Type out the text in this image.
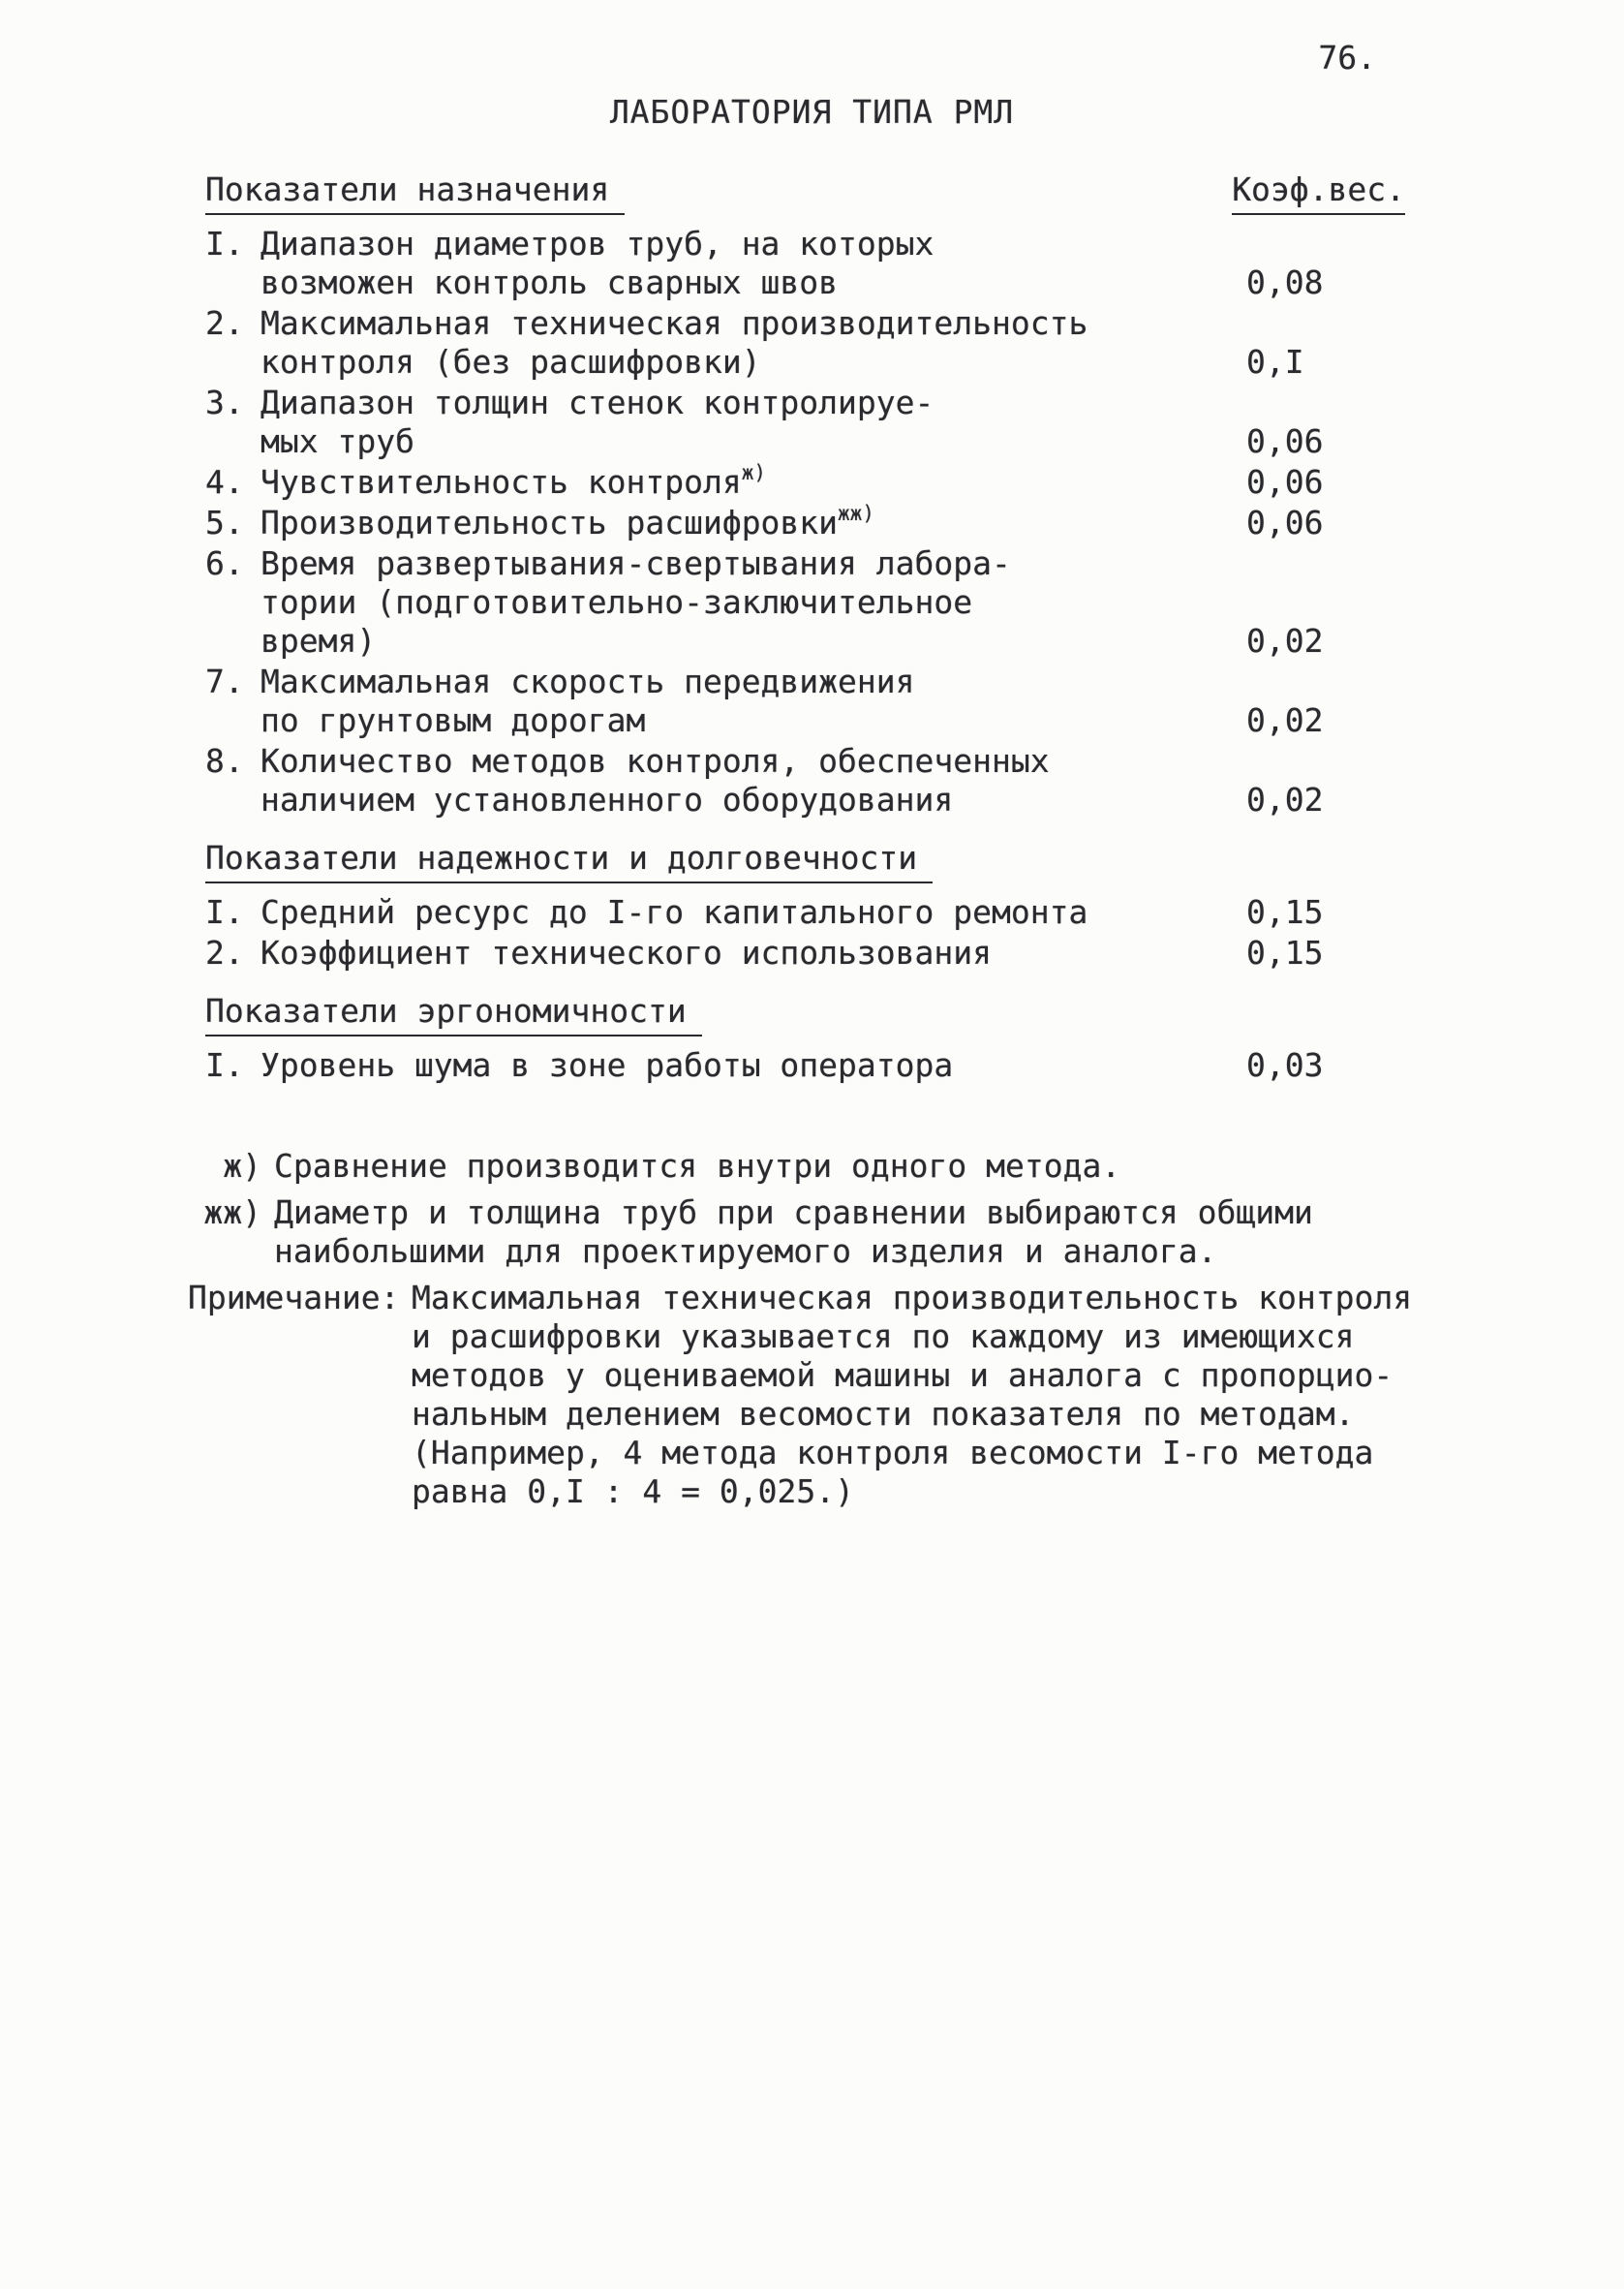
76.
ЛАБОРАТОРИЯ ТИПА РМЛ
Показатели назначения	Коэф.вес.
I. Диапазон диаметров труб, на которых
возможен контроль сварных швов	0,08
2. Максимальная техническая производительность
контроля (без расшифровки)	0,I
3. Диапазон толщин стенок контролируе-
мых труб	0,06
4. Чувствительность контроля$^{ж)}$	0,06
5. Производительность расшифровки$^{жж)}$	0,06
6. Время развертывания-свертывания лабора-
тории (подготовительно-заключительное
время)	0,02
7. Максимальная скорость передвижения
по грунтовым дорогам	0,02
8. Количество методов контроля, обеспеченных
наличием установленного оборудования	0,02
Показатели надежности и долговечности
I. Средний ресурс до I-го капитального ремонта	0,15
2. Коэффициент технического использования	0,15
Показатели эргономичности
I. Уровень шума в зоне работы оператора	0,03
ж) Сравнение производится внутри одного метода.
жж) Диаметр и толщина труб при сравнении выбираются общими
наибольшими для проектируемого изделия и аналога.
Примечание: Максимальная техническая производительность контроля
и расшифровки указывается по каждому из имеющихся
методов у оцениваемой машины и аналога с пропорцио-
нальным делением весомости показателя по методам.
(Например, 4 метода контроля весомости I-го метода
равна 0,I : 4 = 0,025.)
